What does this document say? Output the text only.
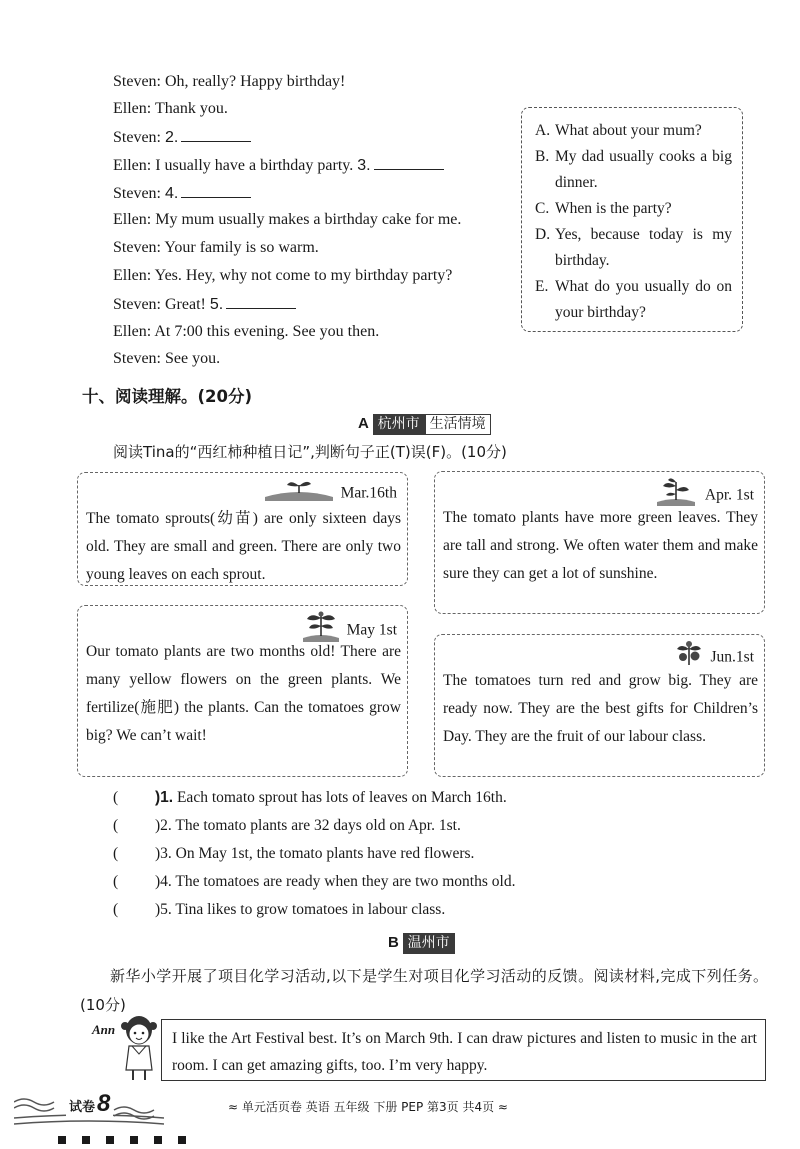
Steven: Oh, really? Happy birthday!
Ellen: Thank you.
Steven: 2.
Ellen: I usually have a birthday party. 3.
Steven: 4.
Ellen: My mum usually makes a birthday cake for me.
Steven: Your family is so warm.
Ellen: Yes. Hey, why not come to my birthday party?
Steven: Great! 5.
Ellen: At 7:00 this evening. See you then.
Steven: See you.
A. What about your mum?
B. My dad usually cooks a big dinner.
C. When is the party?
D. Yes, because today is my birthday.
E. What do you usually do on your birthday?
十、阅读理解。(20分)
A 杭州市 生活情境
阅读Tina的“西红柿种植日记”,判断句子正(T)误(F)。(10分)
Mar.16th
The tomato sprouts(幼苗) are only sixteen days old. They are small and green. There are only two young leaves on each sprout.
Apr. 1st
The tomato plants have more green leaves. They are tall and strong. We often water them and make sure they can get a lot of sunshine.
May 1st
Our tomato plants are two months old! There are many yellow flowers on the green plants. We fertilize(施肥) the plants. Can the tomatoes grow big? We can’t wait!
Jun.1st
The tomatoes turn red and grow big. They are ready now. They are the best gifts for Children’s Day. They are the fruit of our labour class.
( )1. Each tomato sprout has lots of leaves on March 16th.
( )2. The tomato plants are 32 days old on Apr. 1st.
( )3. On May 1st, the tomato plants have red flowers.
( )4. The tomatoes are ready when they are two months old.
( )5. Tina likes to grow tomatoes in labour class.
B 温州市
新华小学开展了项目化学习活动,以下是学生对项目化学习活动的反馈。阅读材料,完成下列任务。(10分)
Ann
I like the Art Festival best. It’s on March 9th. I can draw pictures and listen to music in the art room. I can get amazing gifts, too. I’m very happy.
试卷8	≈ 单元活页卷 英语 五年级 下册 PEP 第3页 共4页 ≈
